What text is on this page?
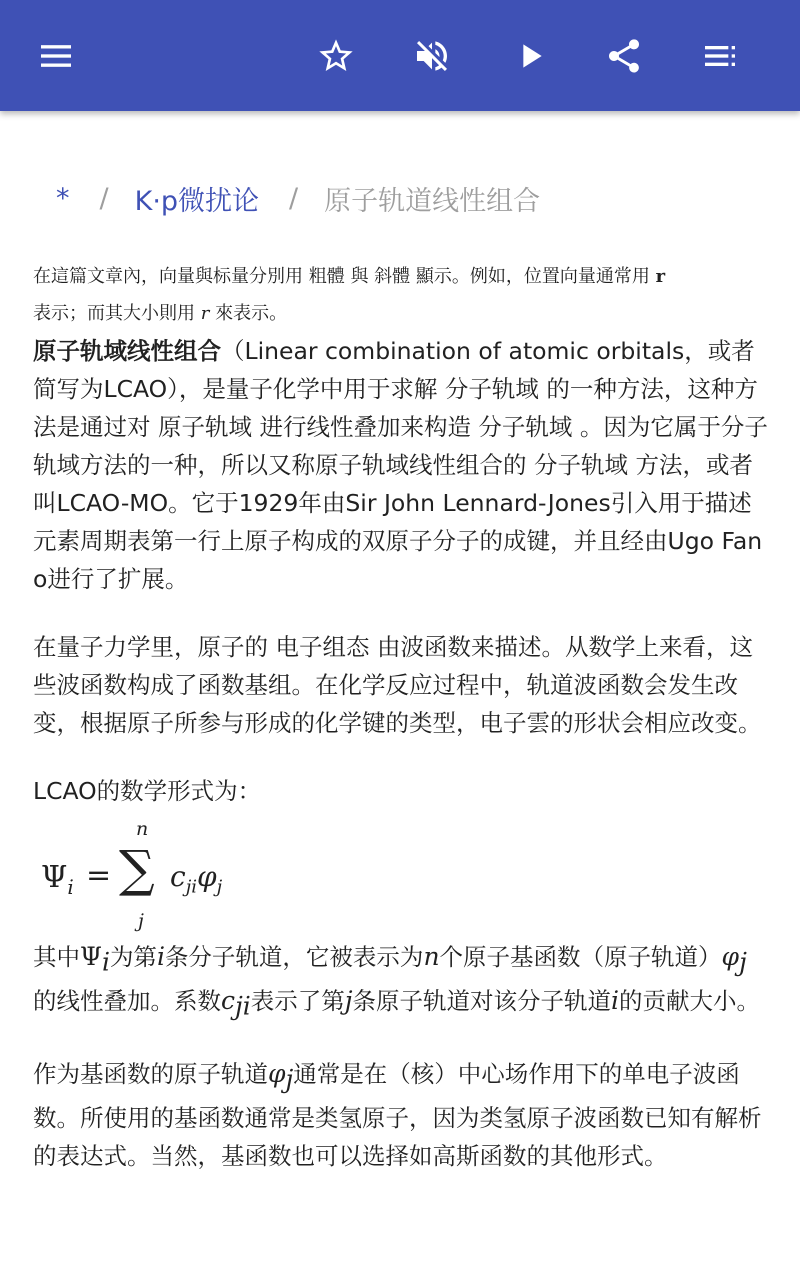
* / K·p微扰论 / 原子轨道线性组合

在這篇文章內，向量與标量分別用 粗體 與 斜體 顯示。例如，位置向量通常用 r
表示；而其大小則用 r 來表示。

原子轨域线性组合（Linear combination of atomic orbitals，或者简写为LCAO），是量子化学中用于求解 分子轨域 的一种方法，这种方法是通过对 原子轨域 进行线性叠加来构造 分子轨域 。因为它属于分子轨域方法的一种，所以又称原子轨域线性组合的 分子轨域 方法，或者叫LCAO-MO。它于1929年由Sir John Lennard-Jones引入用于描述元素周期表第一行上原子构成的双原子分子的成键，并且经由Ugo Fano进行了扩展。

在量子力学里，原子的 电子组态 由波函数来描述。从数学上来看，这些波函数构成了函数基组。在化学反应过程中，轨道波函数会发生改变，根据原子所参与形成的化学键的类型，电子雲的形状会相应改变。

LCAO的数学形式为：

$\Psi_i$ =
n
∑
j
$c_{ji}\varphi_j$

其中$\Psi_i$为第i条分子轨道，它被表示为n个原子基函数（原子轨道）$\varphi_j$的线性叠加。系数$c_{ji}$表示了第j条原子轨道对该分子轨道i的贡献大小。

作为基函数的原子轨道$\varphi_j$通常是在（核）中心场作用下的单电子波函数。所使用的基函数通常是类氢原子，因为类氢原子波函数已知有解析的表达式。当然，基函数也可以选择如高斯函数的其他形式。
